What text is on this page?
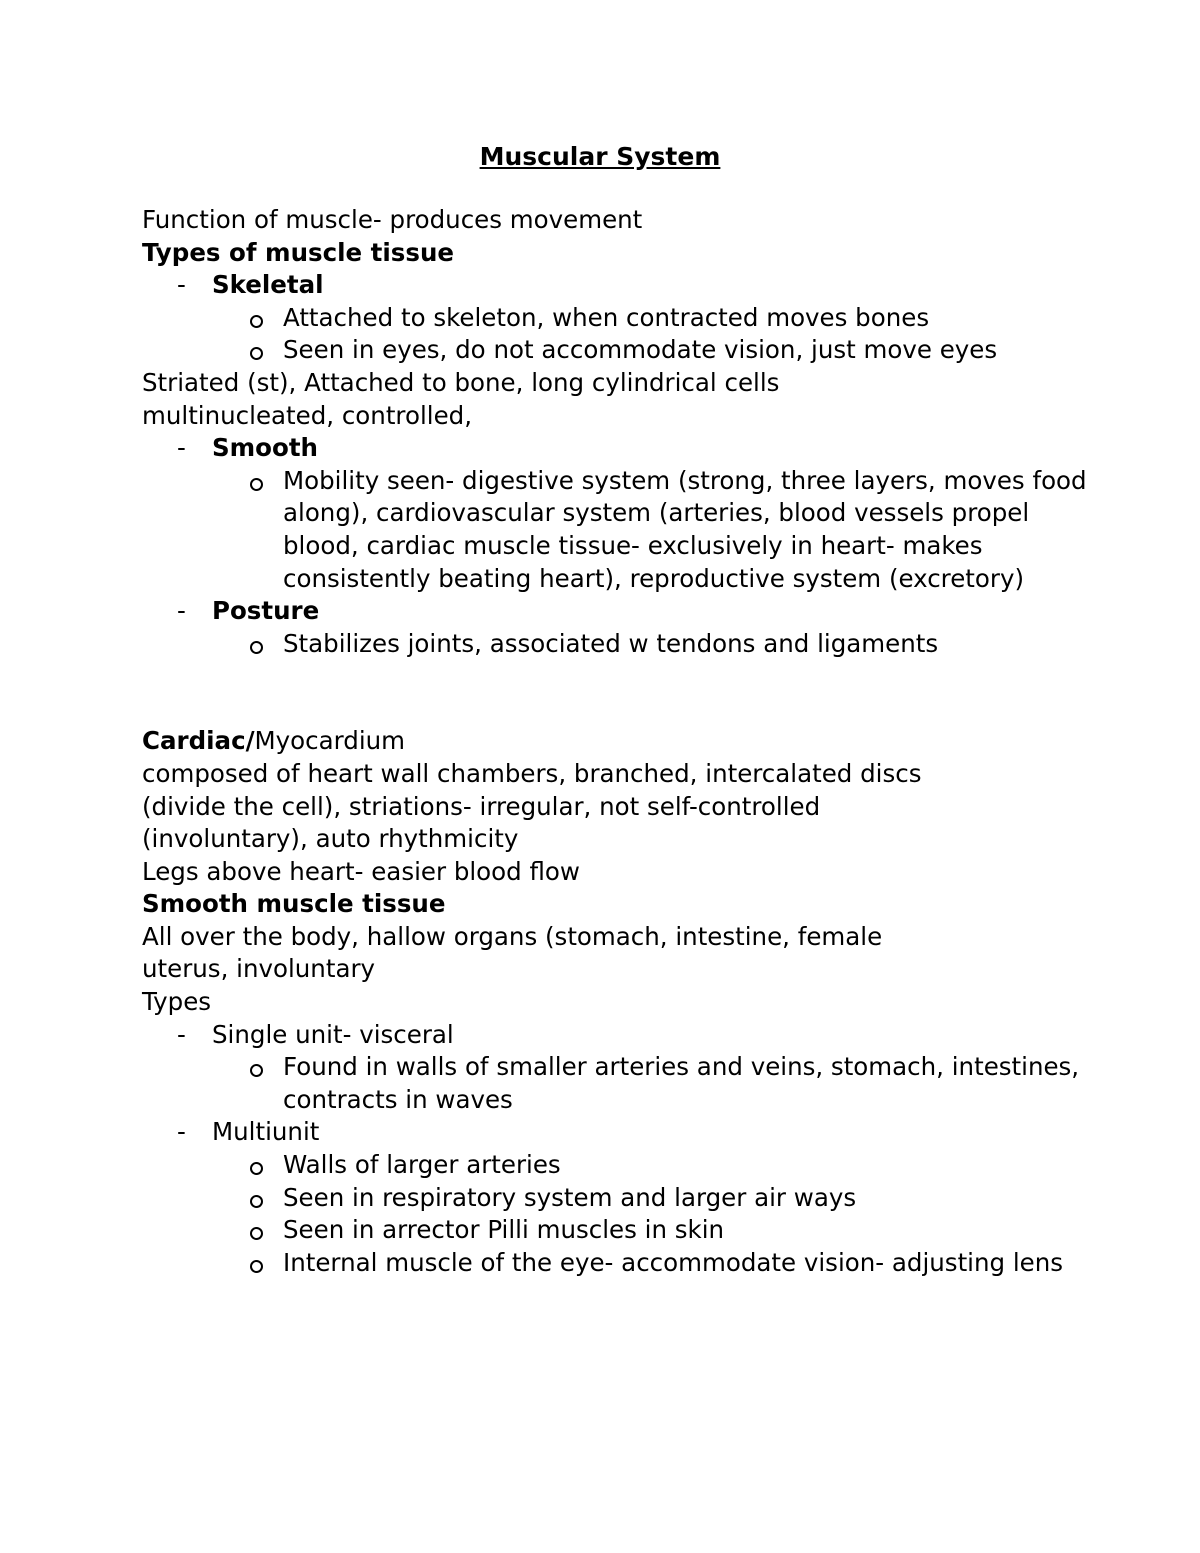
Muscular System

Function of muscle- produces movement

Types of muscle tissue

- Skeletal
Attached to skeleton, when contracted moves bones
Seen in eyes, do not accommodate vision, just move eyes

Striated (st), Attached to bone, long cylindrical cells

multinucleated, controlled,

- Smooth
Mobility seen- digestive system (strong, three layers, moves food along), cardiovascular system (arteries, blood vessels propel blood, cardiac muscle tissue- exclusively in heart- makes consistently beating heart), reproductive system (excretory)
- Posture
Stabilizes joints, associated w tendons and ligaments

Cardiac/Myocardium

composed of heart wall chambers, branched, intercalated discs

(divide the cell), striations- irregular, not self-controlled

(involuntary), auto rhythmicity

Legs above heart- easier blood flow

Smooth muscle tissue

All over the body, hallow organs (stomach, intestine, female

uterus, involuntary

Types

- Single unit- visceral
Found in walls of smaller arteries and veins, stomach, intestines, contracts in waves
- Multiunit
Walls of larger arteries
Seen in respiratory system and larger air ways
Seen in arrector Pilli muscles in skin
Internal muscle of the eye- accommodate vision- adjusting lens
